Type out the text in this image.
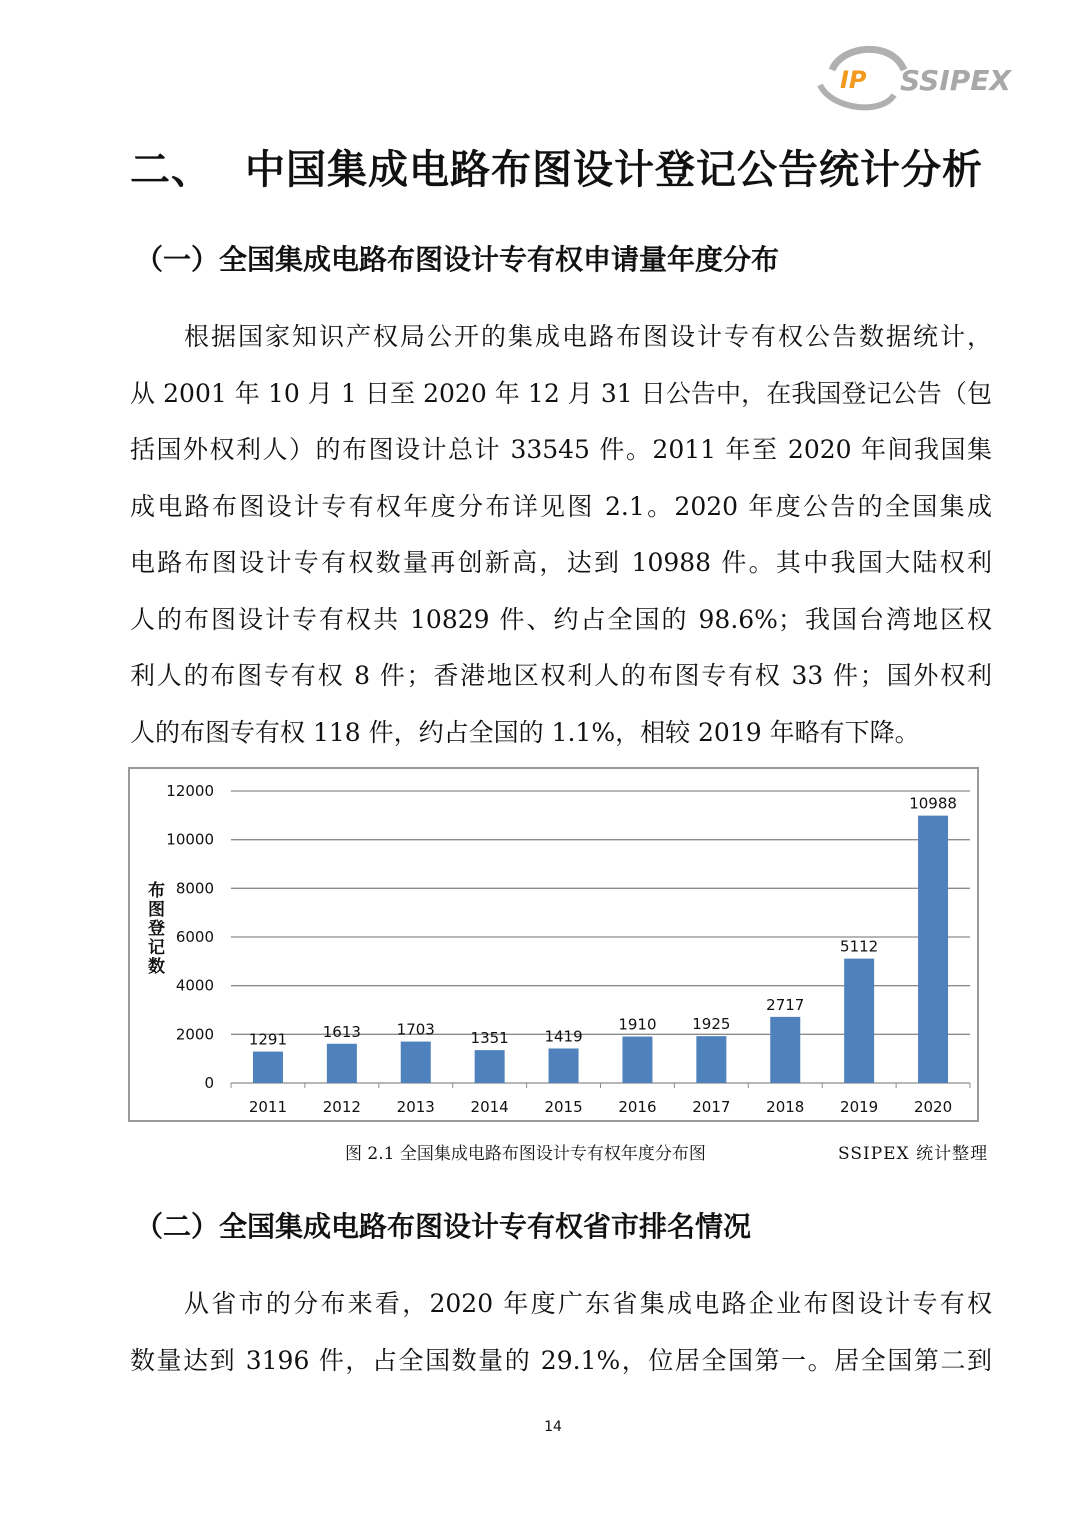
IP SSIPEX
二、 中国集成电路布图设计登记公告统计分析
（一）全国集成电路布图设计专有权申请量年度分布
根据国家知识产权局公开的集成电路布图设计专有权公告数据统计，
从 2001 年 10 月 1 日至 2020 年 12 月 31 日公告中，在我国登记公告（包
括国外权利人）的布图设计总计 33545 件。2011 年至 2020 年间我国集
成电路布图设计专有权年度分布详见图 2.1。2020 年度公告的全国集成
电路布图设计专有权数量再创新高，达到 10988 件。其中我国大陆权利
人的布图设计专有权共 10829 件、约占全国的 98.6%；我国台湾地区权
利人的布图专有权 8 件；香港地区权利人的布图专有权 33 件；国外权利
人的布图专有权 118 件，约占全国的 1.1%，相较 2019 年略有下降。
0
2000
4000
6000
8000
10000
12000
1291
2011
1613
2012
1703
2013
1351
2014
1419
2015
1910
2016
1925
2017
2717
2018
5112
2019
10988
2020
布图登记数
图 2.1 全国集成电路布图设计专有权年度分布图	SSIPEX 统计整理
（二）全国集成电路布图设计专有权省市排名情况
从省市的分布来看，2020 年度广东省集成电路企业布图设计专有权
数量达到 3196 件，占全国数量的 29.1%，位居全国第一。居全国第二到
14
